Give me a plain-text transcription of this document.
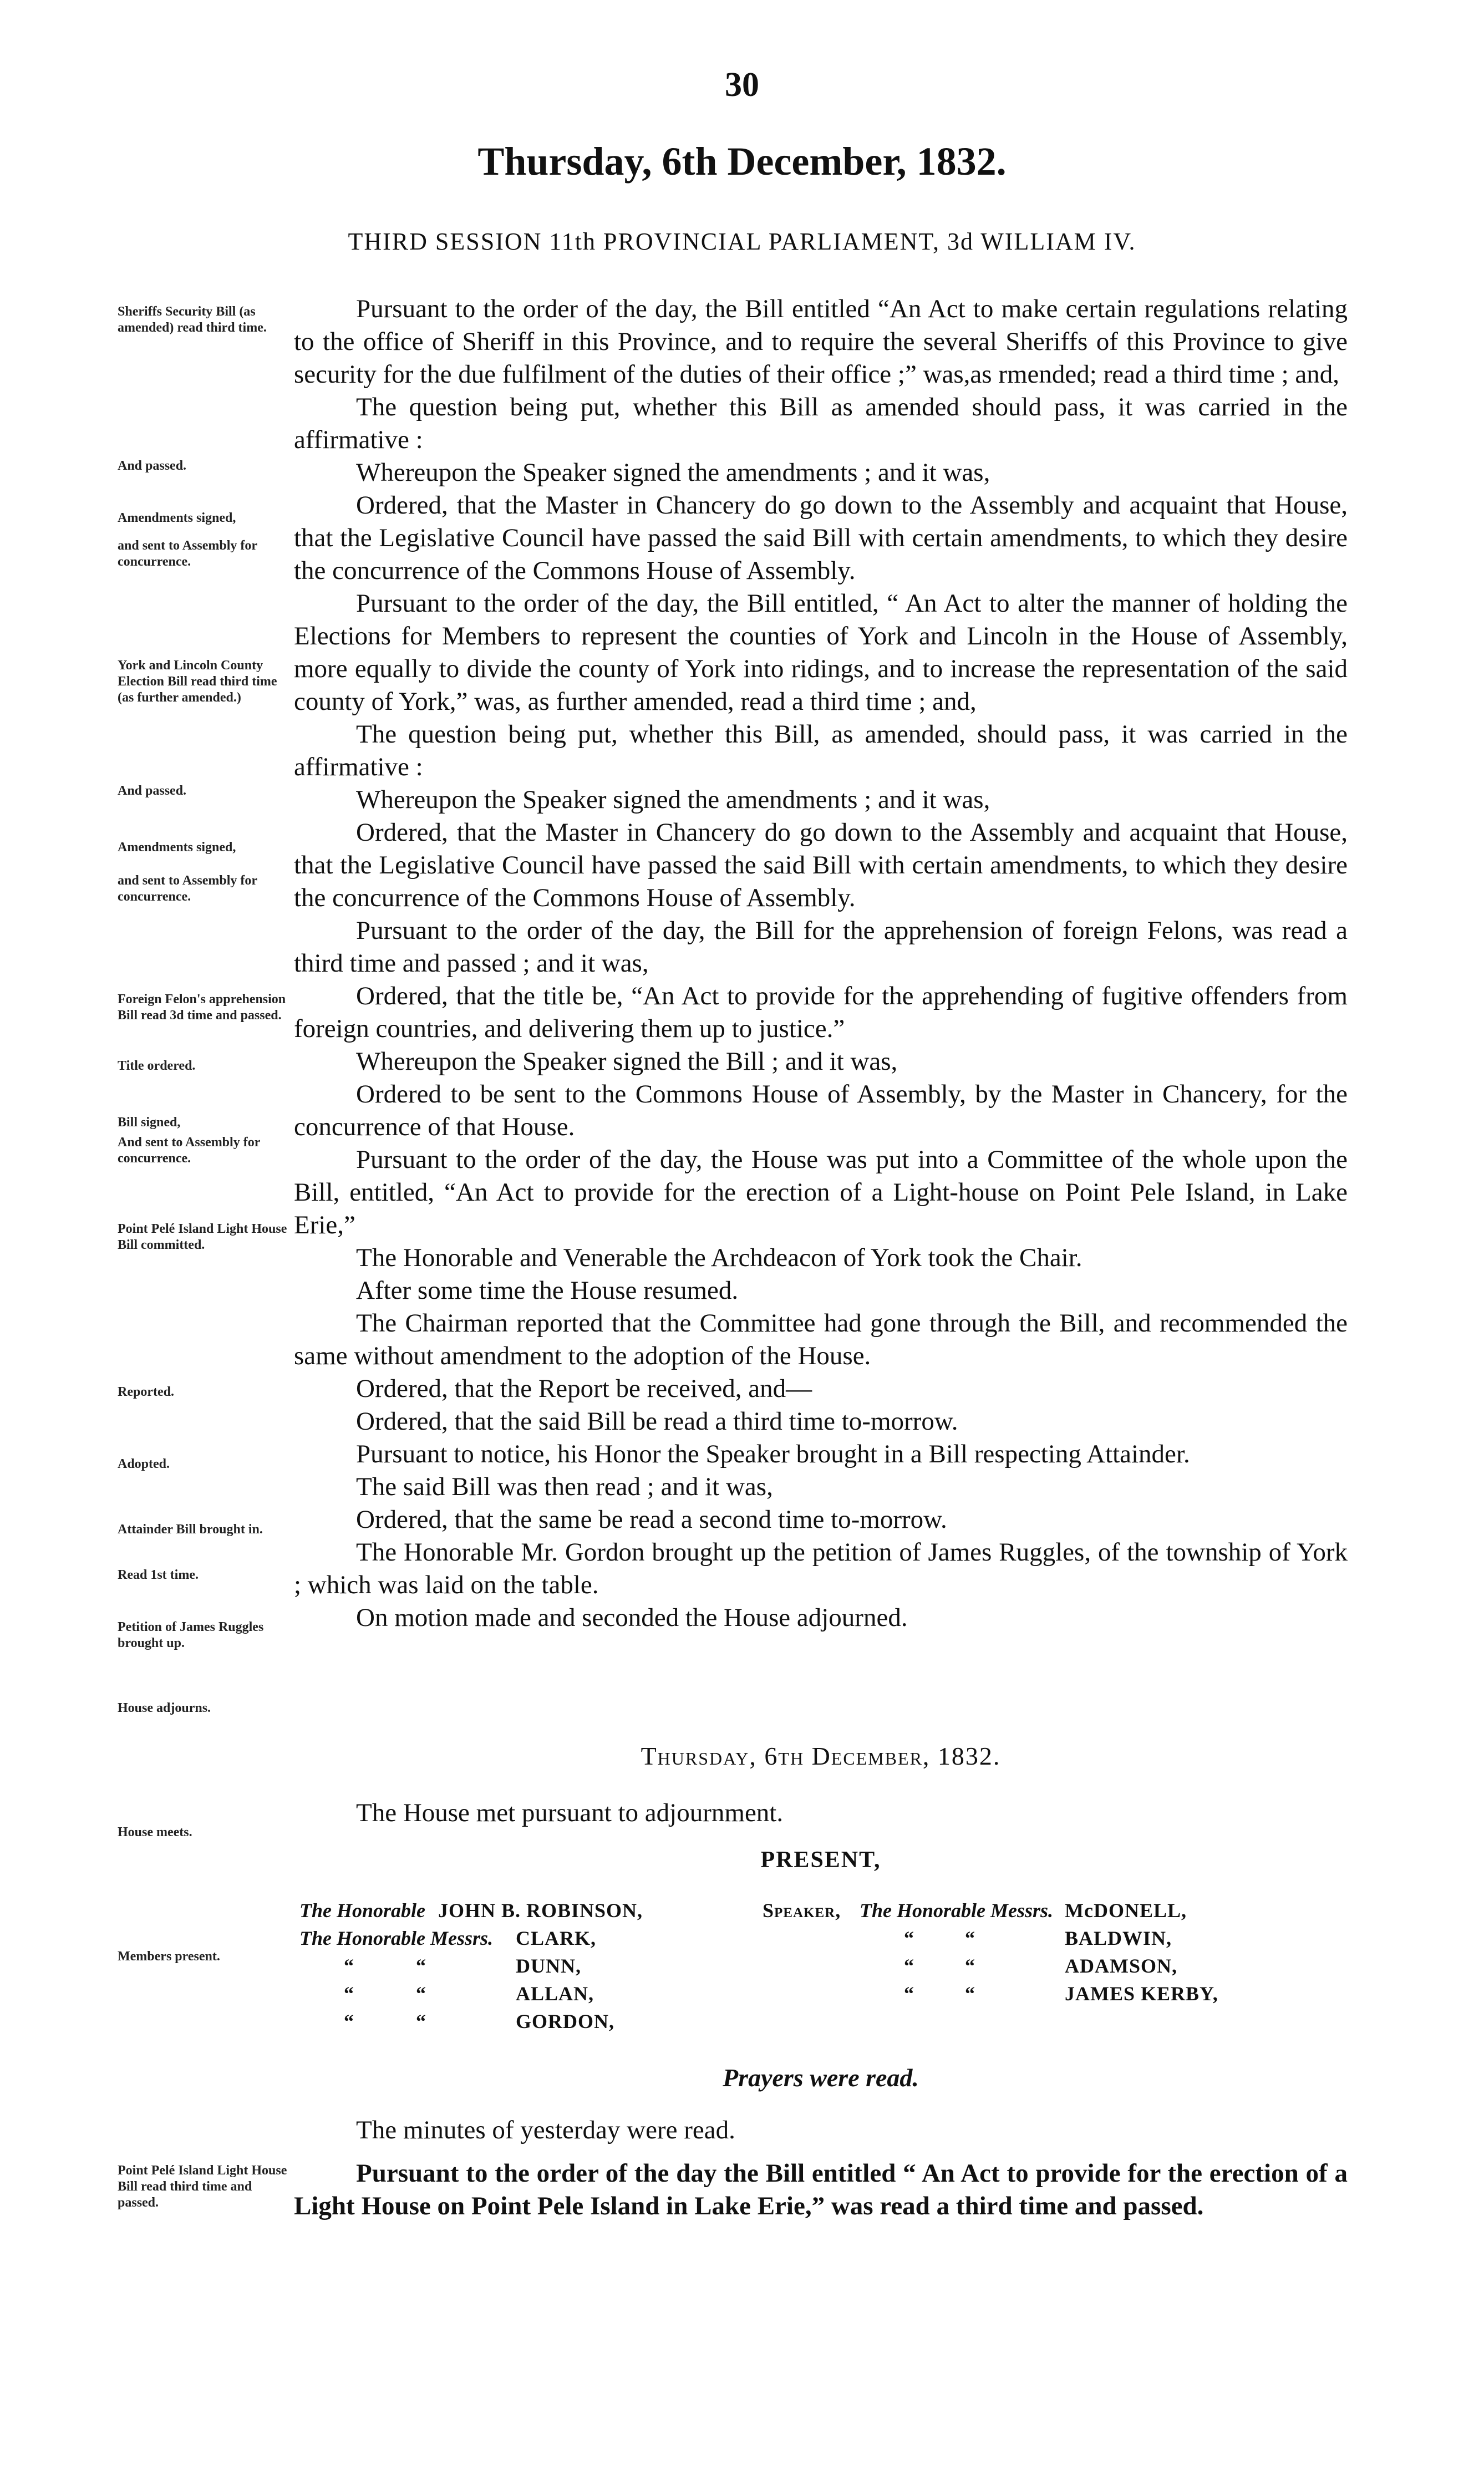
30
Thursday, 6th December, 1832.
THIRD SESSION 11th PROVINCIAL PARLIAMENT, 3d WILLIAM IV.
Sheriffs Security Bill (as amended) read third time.
And passed.
Amendments signed,
and sent to Assembly for concurrence.
York and Lincoln County Election Bill read third time (as further amended.)
And passed.
Amendments signed,
and sent to Assembly for concurrence.
Foreign Felon's apprehension Bill read 3d time and passed.
Title ordered.
Bill signed,
And sent to Assembly for concurrence.
Point Pelé Island Light House Bill committed.
Reported.
Adopted.
Attainder Bill brought in.
Read 1st time.
Petition of James Ruggles brought up.
House adjourns.
House meets.
Members present.
Point Pelé Island Light House Bill read third time and passed.
Pursuant to the order of the day, the Bill entitled “An Act to make certain regulations relating to the office of Sheriff in this Province, and to require the several Sheriffs of this Province to give security for the due fulfilment of the duties of their office ;” was,as rmended; read a third time ; and,
The question being put, whether this Bill as amended should pass, it was carried in the affirmative :
Whereupon the Speaker signed the amendments ; and it was,
Ordered, that the Master in Chancery do go down to the Assembly and acquaint that House, that the Legislative Council have passed the said Bill with certain amendments, to which they desire the concurrence of the Commons House of Assembly.
Pursuant to the order of the day, the Bill entitled, “ An Act to alter the manner of holding the Elections for Members to represent the counties of York and Lincoln in the House of Assembly, more equally to divide the county of York into ridings, and to increase the representation of the said county of York,” was, as further amended, read a third time ; and,
The question being put, whether this Bill, as amended, should pass, it was carried in the affirmative :
Whereupon the Speaker signed the amendments ; and it was,
Ordered, that the Master in Chancery do go down to the Assembly and acquaint that House, that the Legislative Council have passed the said Bill with certain amendments, to which they desire the concurrence of the Commons House of Assembly.
Pursuant to the order of the day, the Bill for the apprehension of foreign Felons, was read a third time and passed ; and it was,
Ordered, that the title be, “An Act to provide for the apprehending of fugitive offenders from foreign countries, and delivering them up to justice.”
Whereupon the Speaker signed the Bill ; and it was,
Ordered to be sent to the Commons House of Assembly, by the Master in Chancery, for the concurrence of that House.
Pursuant to the order of the day, the House was put into a Committee of the whole upon the Bill, entitled, “An Act to provide for the erection of a Light-house on Point Pele Island, in Lake Erie,”
The Honorable and Venerable the Archdeacon of York took the Chair.
After some time the House resumed.
The Chairman reported that the Committee had gone through the Bill, and recommended the same without amendment to the adoption of the House.
Ordered, that the Report be received, and—
Ordered, that the said Bill be read a third time to-morrow.
Pursuant to notice, his Honor the Speaker brought in a Bill respecting Attainder.
The said Bill was then read ; and it was,
Ordered, that the same be read a second time to-morrow.
The Honorable Mr. Gordon brought up the petition of James Ruggles, of the township of York ; which was laid on the table.
On motion made and seconded the House adjourned.
Thursday, 6th December, 1832.
The House met pursuant to adjournment.
PRESENT,
The Honorable JOHN B. ROBINSON,	Speaker, The Honorable Messrs. McDONELL,
The Honorable Messrs. CLARK,	“	“	BALDWIN,
“	“	DUNN,	“	“	ADAMSON,
“	“	ALLAN,	“	“	JAMES KERBY,
“	“	GORDON,
Prayers were read.
The minutes of yesterday were read.
Pursuant to the order of the day the Bill entitled “ An Act to provide for the erection of a Light House on Point Pele Island in Lake Erie,” was read a third time and passed.
